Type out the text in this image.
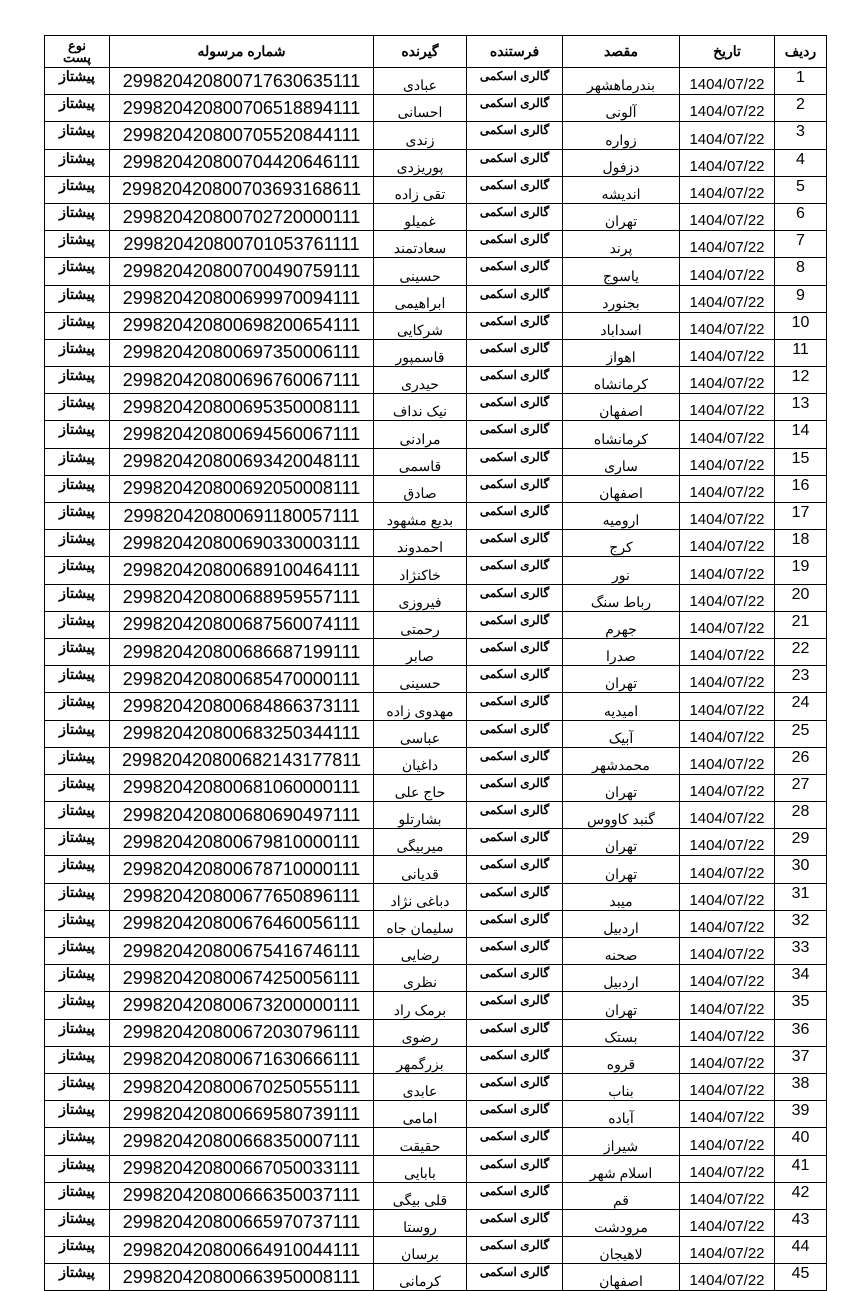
ردیف	تاریخ	مقصد	فرستنده	گیرنده	شماره مرسوله	نوع
پست
1	1404/07/22	بندرماهشهر	گالری اسکمی	عبادی	299820420800717630635111	پیشتاز
2	1404/07/22	آلونی	گالری اسکمی	احسانی	299820420800706518894111	پیشتاز
3	1404/07/22	زواره	گالری اسکمی	زندی	299820420800705520844111	پیشتاز
4	1404/07/22	دزفول	گالری اسکمی	پوریزدی	299820420800704420646111	پیشتاز
5	1404/07/22	اندیشه	گالری اسکمی	تقی زاده	299820420800703693168611	پیشتاز
6	1404/07/22	تهران	گالری اسکمی	غمیلو	299820420800702720000111	پیشتاز
7	1404/07/22	پرند	گالری اسکمی	سعادتمند	299820420800701053761111	پیشتاز
8	1404/07/22	یاسوج	گالری اسکمی	حسینی	299820420800700490759111	پیشتاز
9	1404/07/22	بجنورد	گالری اسکمی	ابراهیمی	299820420800699970094111	پیشتاز
10	1404/07/22	اسداباد	گالری اسکمی	شرکایی	299820420800698200654111	پیشتاز
11	1404/07/22	اهواز	گالری اسکمی	قاسمپور	299820420800697350006111	پیشتاز
12	1404/07/22	کرمانشاه	گالری اسکمی	حیدری	299820420800696760067111	پیشتاز
13	1404/07/22	اصفهان	گالری اسکمی	نیک نداف	299820420800695350008111	پیشتاز
14	1404/07/22	کرمانشاه	گالری اسکمی	مرادنی	299820420800694560067111	پیشتاز
15	1404/07/22	ساری	گالری اسکمی	قاسمی	299820420800693420048111	پیشتاز
16	1404/07/22	اصفهان	گالری اسکمی	صادق	299820420800692050008111	پیشتاز
17	1404/07/22	ارومیه	گالری اسکمی	بدیع مشهود	299820420800691180057111	پیشتاز
18	1404/07/22	کرج	گالری اسکمی	احمدوند	299820420800690330003111	پیشتاز
19	1404/07/22	نور	گالری اسکمی	خاکنژاد	299820420800689100464111	پیشتاز
20	1404/07/22	رباط سنگ	گالری اسکمی	فیروزی	299820420800688959557111	پیشتاز
21	1404/07/22	جهرم	گالری اسکمی	رحمتی	299820420800687560074111	پیشتاز
22	1404/07/22	صدرا	گالری اسکمی	صابر	299820420800686687199111	پیشتاز
23	1404/07/22	تهران	گالری اسکمی	حسینی	299820420800685470000111	پیشتاز
24	1404/07/22	امیدیه	گالری اسکمی	مهدوی زاده	299820420800684866373111	پیشتاز
25	1404/07/22	آبیک	گالری اسکمی	عباسی	299820420800683250344111	پیشتاز
26	1404/07/22	محمدشهر	گالری اسکمی	داغیان	299820420800682143177811	پیشتاز
27	1404/07/22	تهران	گالری اسکمی	حاج علی	299820420800681060000111	پیشتاز
28	1404/07/22	گنبد کاووس	گالری اسکمی	بشارتلو	299820420800680690497111	پیشتاز
29	1404/07/22	تهران	گالری اسکمی	میربیگی	299820420800679810000111	پیشتاز
30	1404/07/22	تهران	گالری اسکمی	قدیانی	299820420800678710000111	پیشتاز
31	1404/07/22	میبد	گالری اسکمی	دباغی نژاد	299820420800677650896111	پیشتاز
32	1404/07/22	اردبیل	گالری اسکمی	سلیمان جاه	299820420800676460056111	پیشتاز
33	1404/07/22	صحنه	گالری اسکمی	رضایی	299820420800675416746111	پیشتاز
34	1404/07/22	اردبیل	گالری اسکمی	نظری	299820420800674250056111	پیشتاز
35	1404/07/22	تهران	گالری اسکمی	برمک راد	299820420800673200000111	پیشتاز
36	1404/07/22	بستک	گالری اسکمی	رضوی	299820420800672030796111	پیشتاز
37	1404/07/22	قروه	گالری اسکمی	بزرگمهر	299820420800671630666111	پیشتاز
38	1404/07/22	بناب	گالری اسکمی	عابدی	299820420800670250555111	پیشتاز
39	1404/07/22	آباده	گالری اسکمی	امامی	299820420800669580739111	پیشتاز
40	1404/07/22	شیراز	گالری اسکمی	حقیقت	299820420800668350007111	پیشتاز
41	1404/07/22	اسلام شهر	گالری اسکمی	بابایی	299820420800667050033111	پیشتاز
42	1404/07/22	قم	گالری اسکمی	قلی بیگی	299820420800666350037111	پیشتاز
43	1404/07/22	مرودشت	گالری اسکمی	روستا	299820420800665970737111	پیشتاز
44	1404/07/22	لاهیجان	گالری اسکمی	برسان	299820420800664910044111	پیشتاز
45	1404/07/22	اصفهان	گالری اسکمی	کرمانی	299820420800663950008111	پیشتاز
